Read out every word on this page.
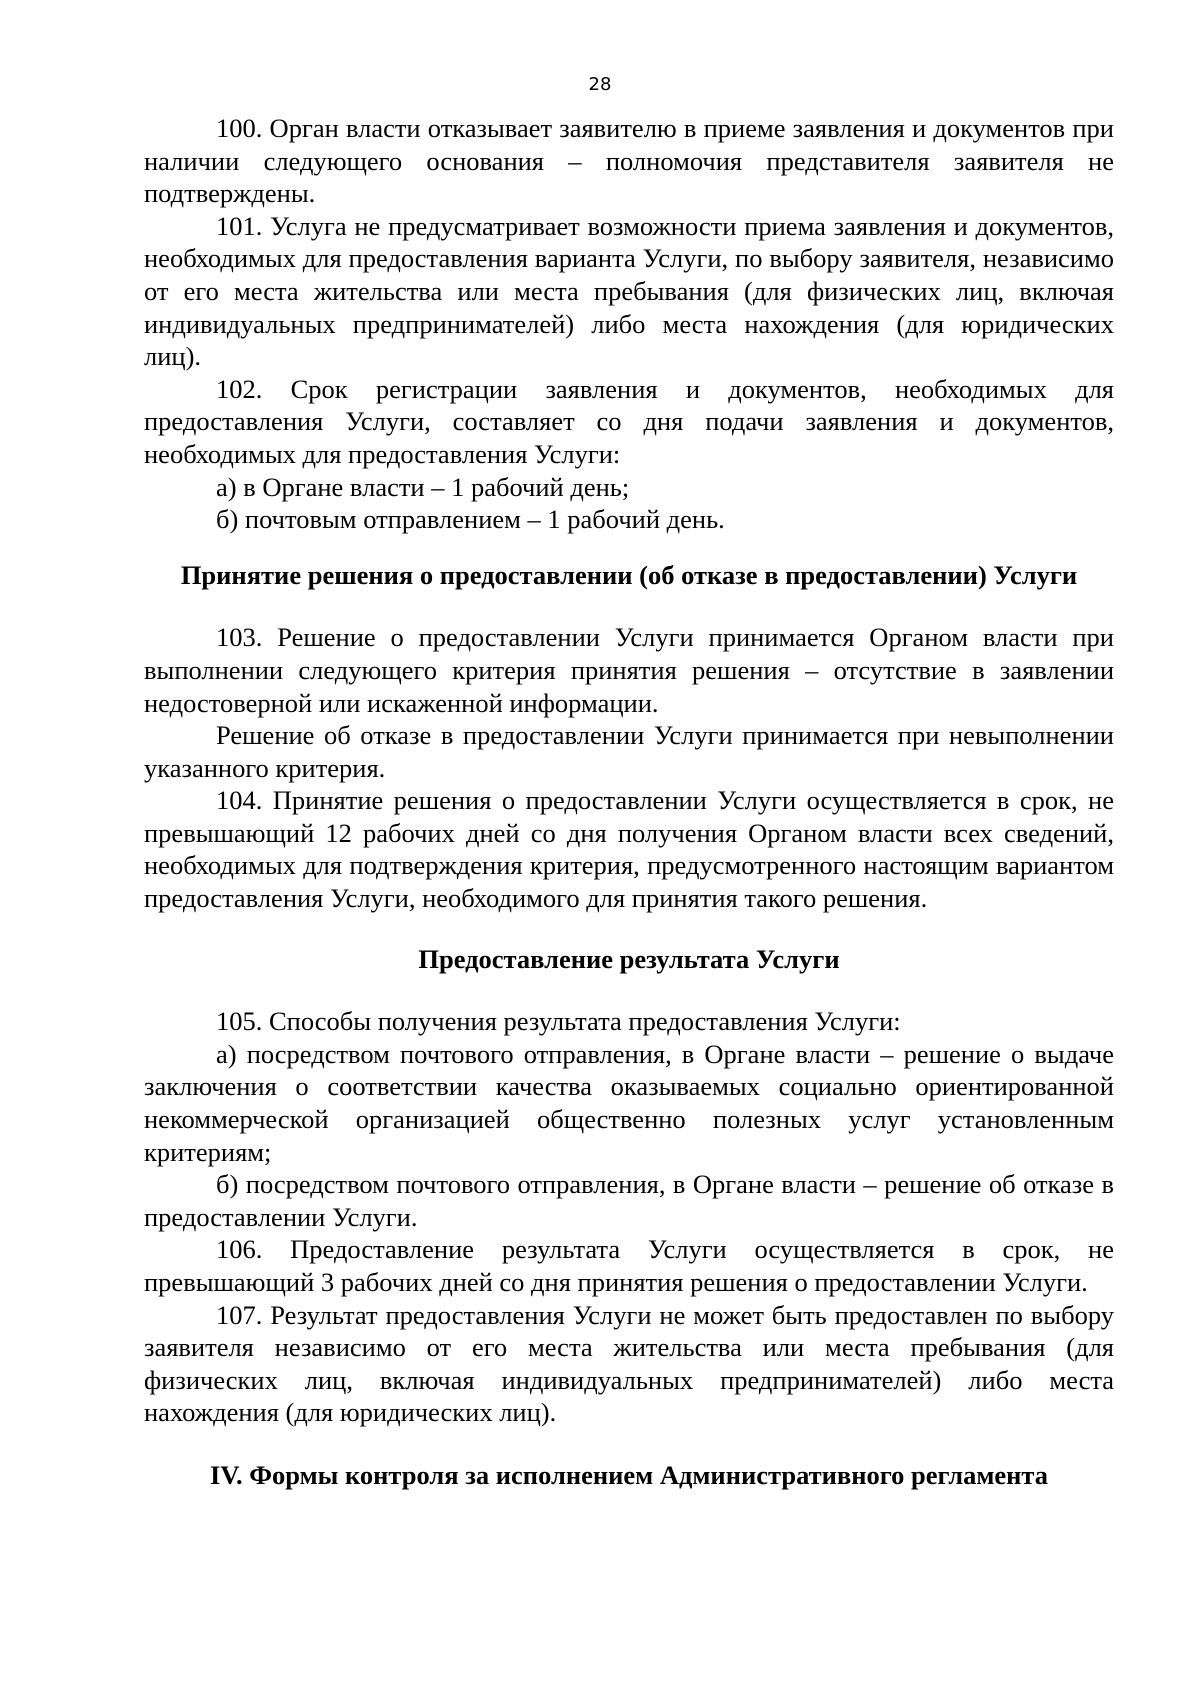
28

100. Орган власти отказывает заявителю в приеме заявления и документов при наличии следующего основания – полномочия представителя заявителя не подтверждены.

101. Услуга не предусматривает возможности приема заявления и документов, необходимых для предоставления варианта Услуги, по выбору заявителя, независимо от его места жительства или места пребывания (для физических лиц, включая индивидуальных предпринимателей) либо места нахождения (для юридических лиц).

102. Срок регистрации заявления и документов, необходимых для предоставления Услуги, составляет со дня подачи заявления и документов, необходимых для предоставления Услуги:

а) в Органе власти – 1 рабочий день;

б) почтовым отправлением – 1 рабочий день.

Принятие решения о предоставлении (об отказе в предоставлении) Услуги

103. Решение о предоставлении Услуги принимается Органом власти при выполнении следующего критерия принятия решения – отсутствие в заявлении недостоверной или искаженной информации.

Решение об отказе в предоставлении Услуги принимается при невыполнении указанного критерия.

104. Принятие решения о предоставлении Услуги осуществляется в срок, не превышающий 12 рабочих дней со дня получения Органом власти всех сведений, необходимых для подтверждения критерия, предусмотренного настоящим вариантом предоставления Услуги, необходимого для принятия такого решения.

Предоставление результата Услуги

105. Способы получения результата предоставления Услуги:

а) посредством почтового отправления, в Органе власти – решение о выдаче заключения о соответствии качества оказываемых социально ориентированной некоммерческой организацией общественно полезных услуг установленным критериям;

б) посредством почтового отправления, в Органе власти – решение об отказе в предоставлении Услуги.

106. Предоставление результата Услуги осуществляется в срок, не превышающий 3 рабочих дней со дня принятия решения о предоставлении Услуги.

107. Результат предоставления Услуги не может быть предоставлен по выбору заявителя независимо от его места жительства или места пребывания (для физических лиц, включая индивидуальных предпринимателей) либо места нахождения (для юридических лиц).

IV. Формы контроля за исполнением Административного регламента
